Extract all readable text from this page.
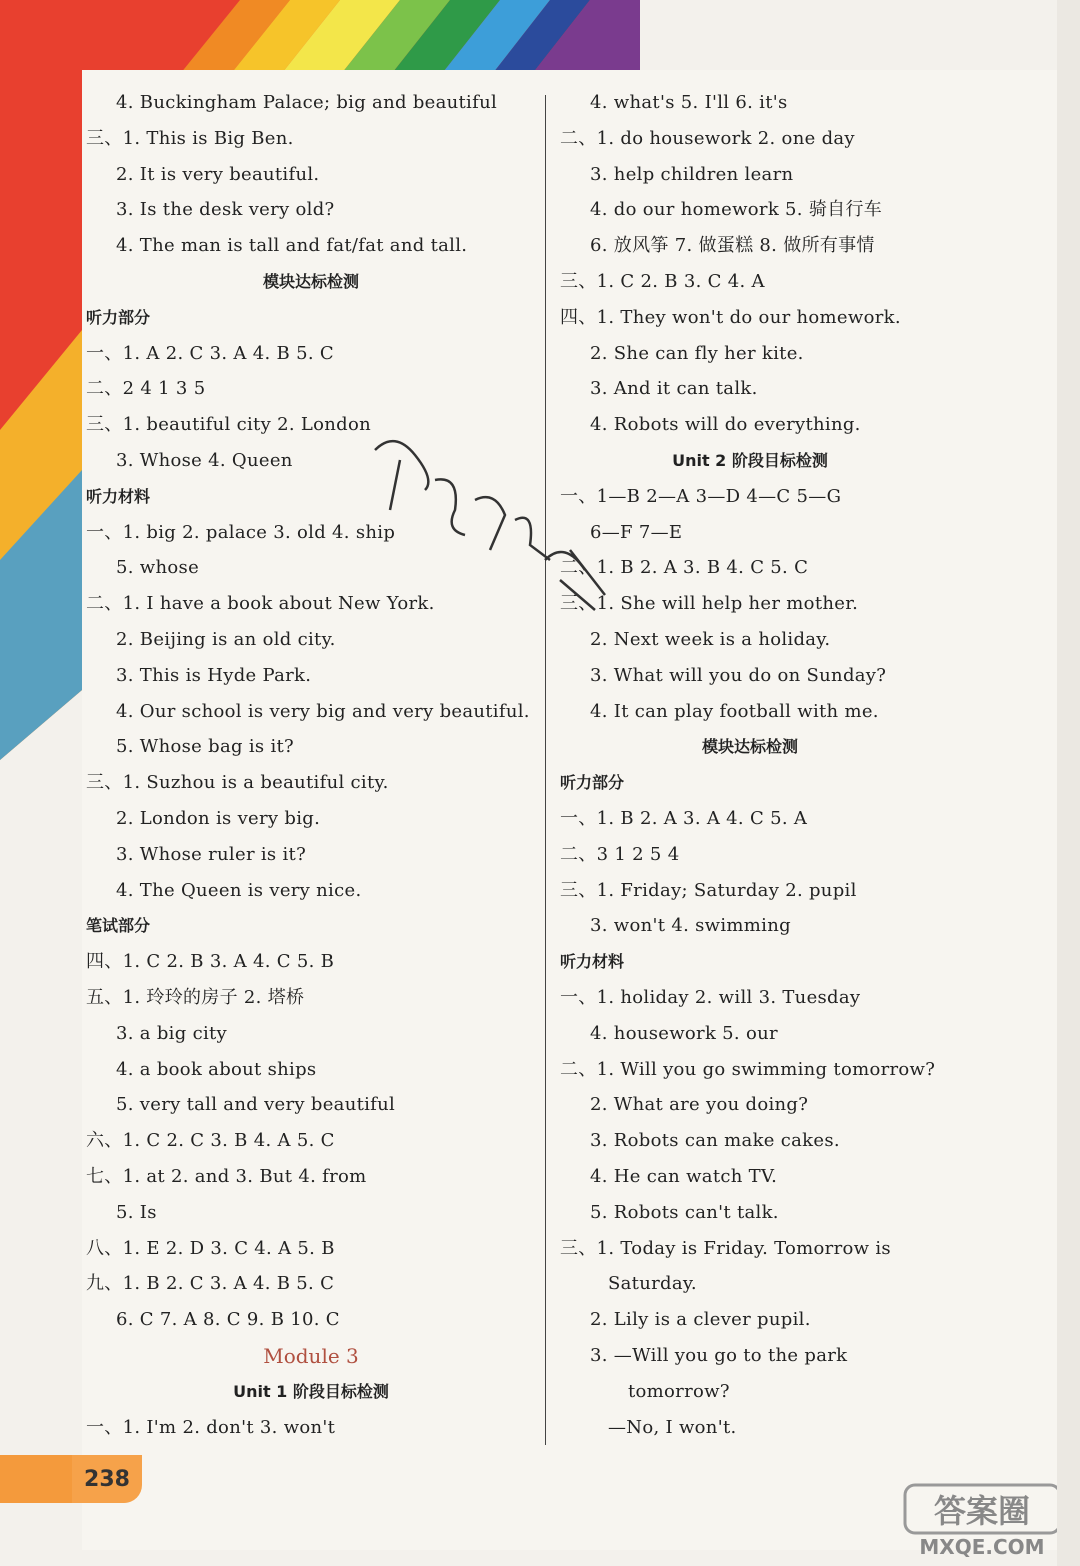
4. Buckingham Palace; big and beautiful
三、1. This is Big Ben.
2. It is very beautiful.
3. Is the desk very old?
4. The man is tall and fat/fat and tall.
模块达标检测
听力部分
一、1. A 2. C 3. A 4. B 5. C
二、2 4 1 3 5
三、1. beautiful city 2. London
3. Whose 4. Queen
听力材料
一、1. big 2. palace 3. old 4. ship
5. whose
二、1. I have a book about New York.
2. Beijing is an old city.
3. This is Hyde Park.
4. Our school is very big and very beautiful.
5. Whose bag is it?
三、1. Suzhou is a beautiful city.
2. London is very big.
3. Whose ruler is it?
4. The Queen is very nice.
笔试部分
四、1. C 2. B 3. A 4. C 5. B
五、1. 玲玲的房子 2. 塔桥
3. a big city
4. a book about ships
5. very tall and very beautiful
六、1. C 2. C 3. B 4. A 5. C
七、1. at 2. and 3. But 4. from
5. Is
八、1. E 2. D 3. C 4. A 5. B
九、1. B 2. C 3. A 4. B 5. C
6. C 7. A 8. C 9. B 10. C
Module 3
Unit 1 阶段目标检测
一、1. I'm 2. don't 3. won't
4. what's 5. I'll 6. it's
二、1. do housework 2. one day
3. help children learn
4. do our homework 5. 骑自行车
6. 放风筝 7. 做蛋糕 8. 做所有事情
三、1. C 2. B 3. C 4. A
四、1. They won't do our homework.
2. She can fly her kite.
3. And it can talk.
4. Robots will do everything.
Unit 2 阶段目标检测
一、1—B 2—A 3—D 4—C 5—G
6—F 7—E
二、1. B 2. A 3. B 4. C 5. C
三、1. She will help her mother.
2. Next week is a holiday.
3. What will you do on Sunday?
4. It can play football with me.
模块达标检测
听力部分
一、1. B 2. A 3. A 4. C 5. A
二、3 1 2 5 4
三、1. Friday; Saturday 2. pupil
3. won't 4. swimming
听力材料
一、1. holiday 2. will 3. Tuesday
4. housework 5. our
二、1. Will you go swimming tomorrow?
2. What are you doing?
3. Robots can make cakes.
4. He can watch TV.
5. Robots can't talk.
三、1. Today is Friday. Tomorrow is
Saturday.
2. Lily is a clever pupil.
3. —Will you go to the park
tomorrow?
—No, I won't.
238
答案圈
MXQE.COM
